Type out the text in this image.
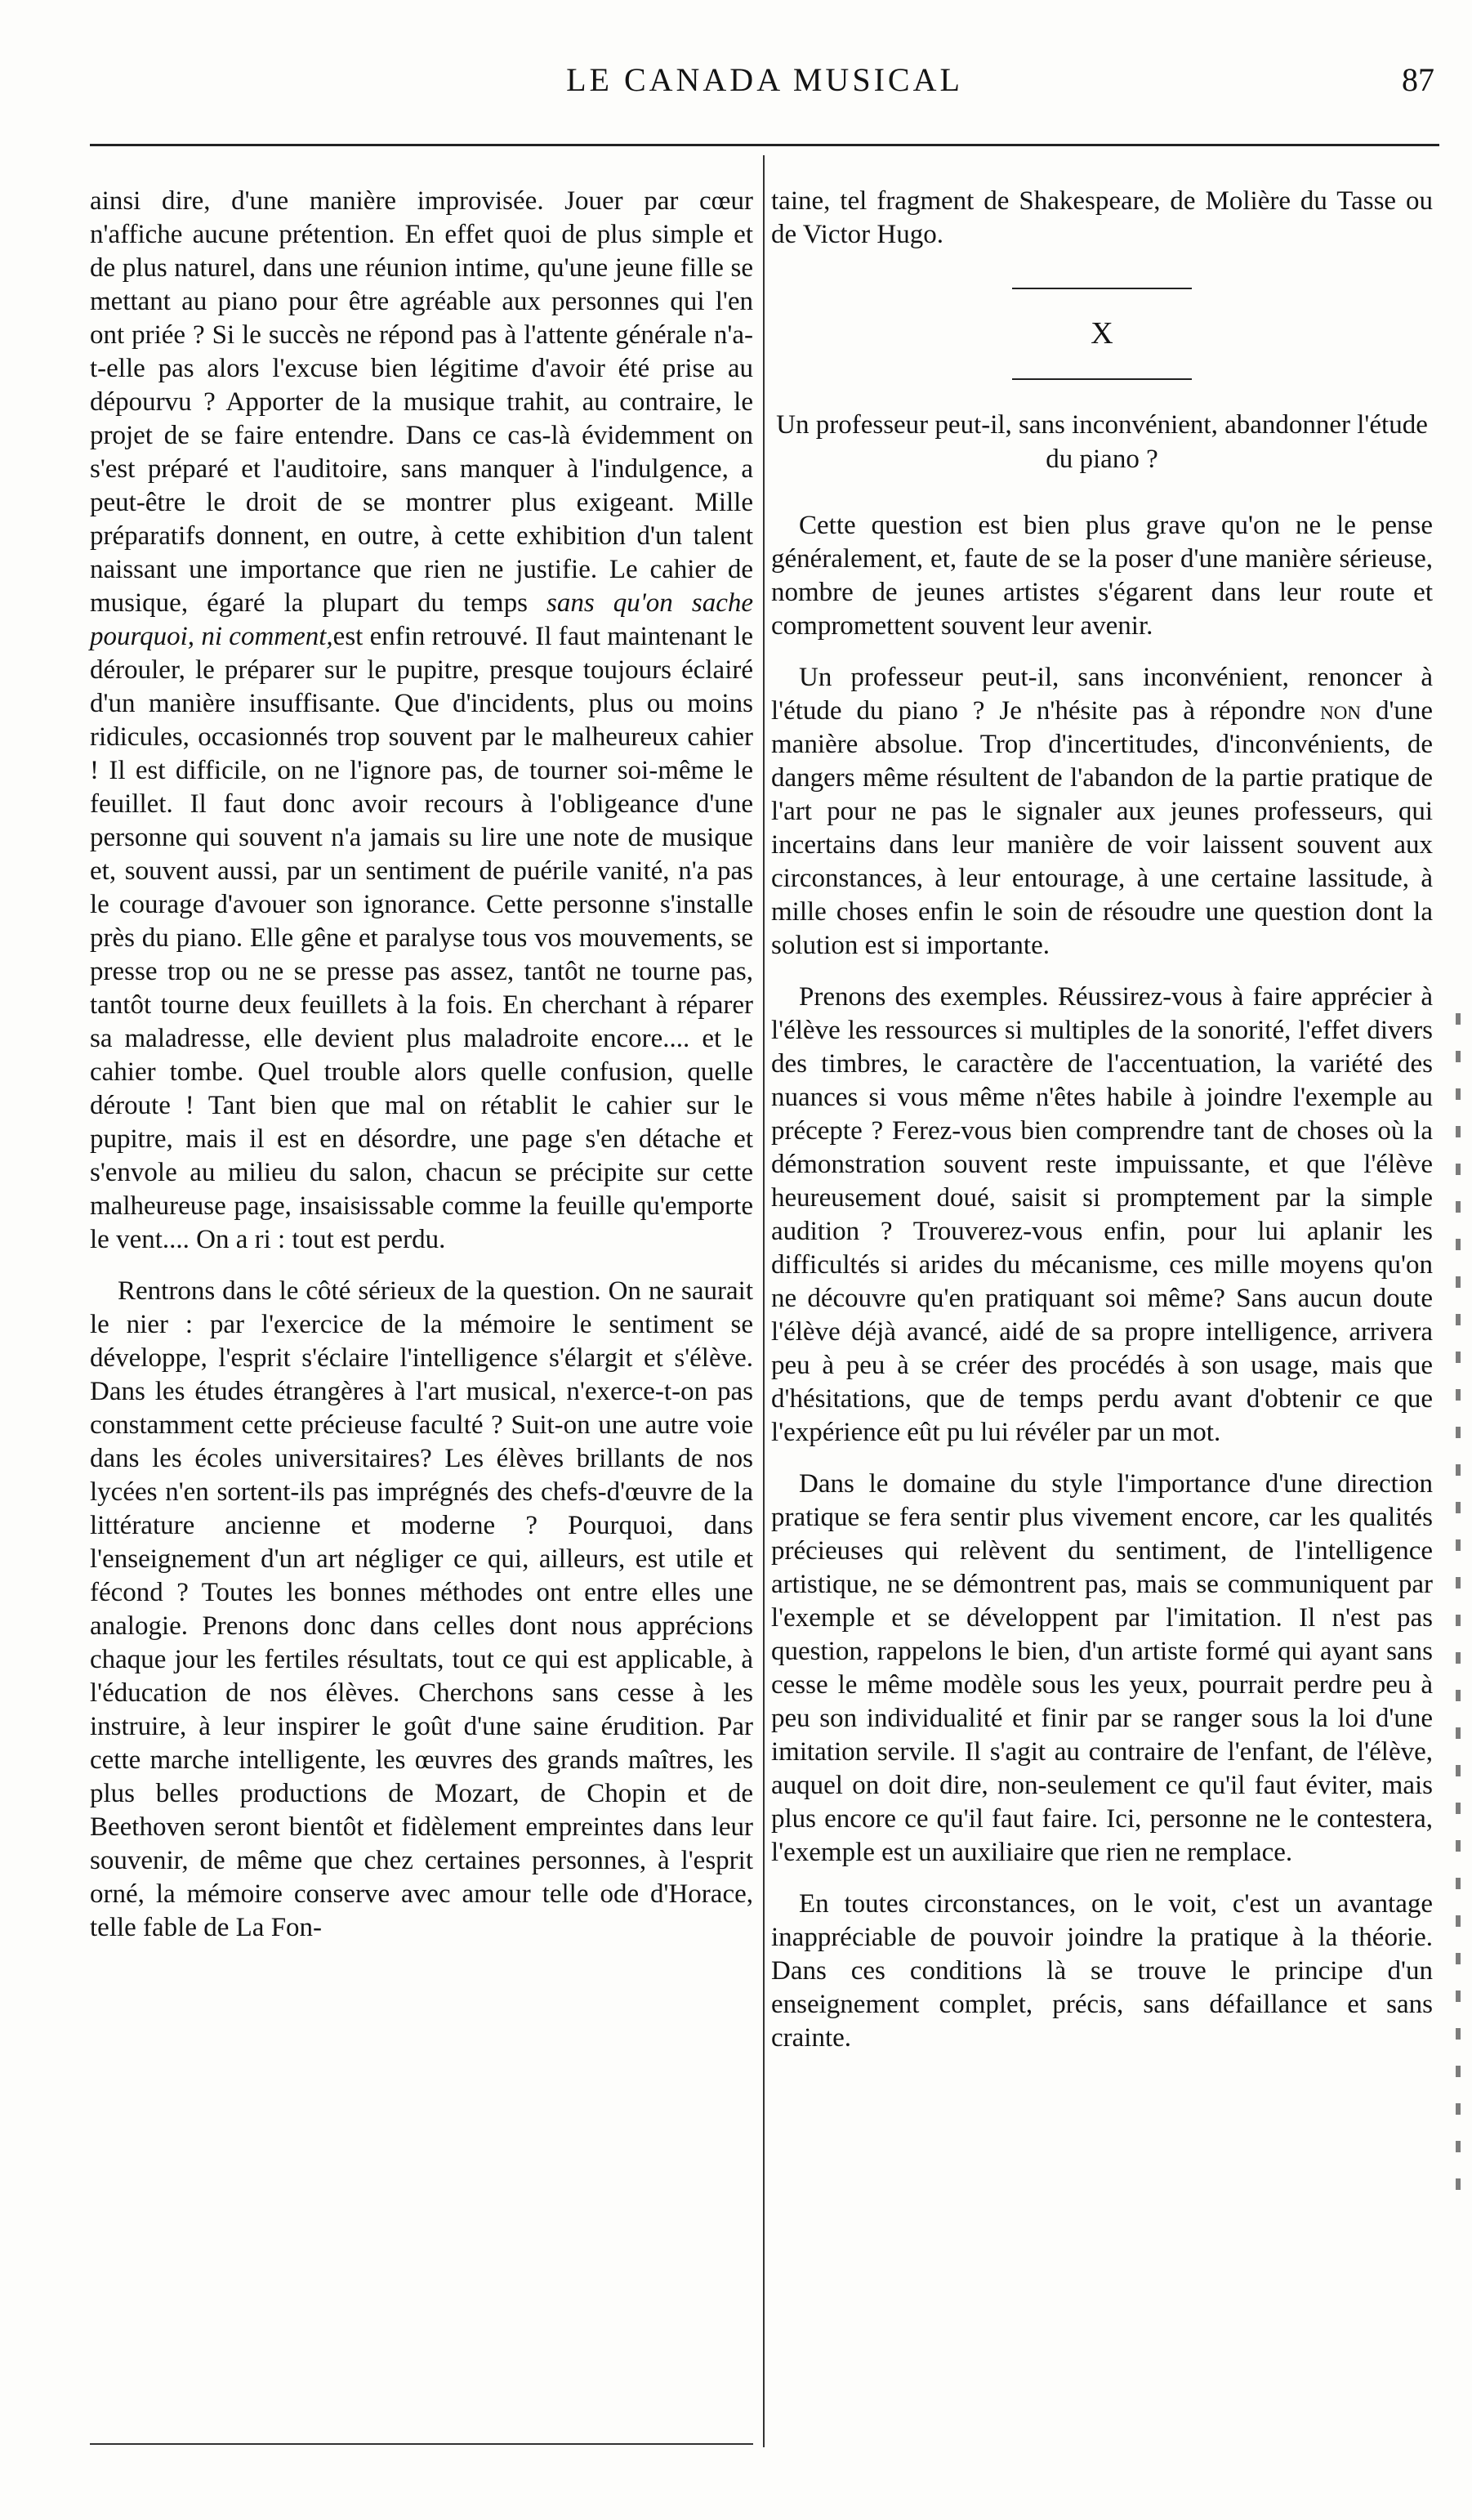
LE CANADA MUSICAL	87

ainsi dire, d'une manière improvisée. Jouer par cœur n'affiche aucune prétention. En effet quoi de plus simple et de plus naturel, dans une réunion intime, qu'une jeune fille se mettant au piano pour être agréable aux personnes qui l'en ont priée ? Si le succès ne répond pas à l'attente générale n'a-t-elle pas alors l'excuse bien légitime d'avoir été prise au dépourvu ? Apporter de la musique trahit, au contraire, le projet de se faire entendre. Dans ce cas-là évidemment on s'est préparé et l'auditoire, sans manquer à l'indulgence, a peut-être le droit de se montrer plus exigeant. Mille préparatifs donnent, en outre, à cette exhibition d'un talent naissant une importance que rien ne justifie. Le cahier de musique, égaré la plupart du temps sans qu'on sache pourquoi, ni comment,est enfin retrouvé. Il faut maintenant le dérouler, le préparer sur le pupitre, presque toujours éclairé d'un manière insuffisante. Que d'incidents, plus ou moins ridicules, occasionnés trop souvent par le malheureux cahier ! Il est difficile, on ne l'ignore pas, de tourner soi-même le feuillet. Il faut donc avoir recours à l'obligeance d'une personne qui souvent n'a jamais su lire une note de musique et, souvent aussi, par un sentiment de puérile vanité, n'a pas le courage d'avouer son ignorance. Cette personne s'installe près du piano. Elle gêne et paralyse tous vos mouvements, se presse trop ou ne se presse pas assez, tantôt ne tourne pas, tantôt tourne deux feuillets à la fois. En cherchant à réparer sa maladresse, elle devient plus maladroite encore.... et le cahier tombe. Quel trouble alors quelle confusion, quelle déroute ! Tant bien que mal on rétablit le cahier sur le pupitre, mais il est en désordre, une page s'en détache et s'envole au milieu du salon, chacun se précipite sur cette malheureuse page, insaisissable comme la feuille qu'emporte le vent.... On a ri : tout est perdu.

Rentrons dans le côté sérieux de la question. On ne saurait le nier : par l'exercice de la mémoire le sentiment se développe, l'esprit s'éclaire l'intelligence s'élargit et s'élève. Dans les études étrangères à l'art musical, n'exerce-t-on pas constamment cette précieuse faculté ? Suit-on une autre voie dans les écoles universitaires? Les élèves brillants de nos lycées n'en sortent-ils pas imprégnés des chefs-d'œuvre de la littérature ancienne et moderne ? Pourquoi, dans l'enseignement d'un art négliger ce qui, ailleurs, est utile et fécond ? Toutes les bonnes méthodes ont entre elles une analogie. Prenons donc dans celles dont nous apprécions chaque jour les fertiles résultats, tout ce qui est applicable, à l'éducation de nos élèves. Cherchons sans cesse à les instruire, à leur inspirer le goût d'une saine érudition. Par cette marche intelligente, les œuvres des grands maîtres, les plus belles productions de Mozart, de Chopin et de Beethoven seront bientôt et fidèlement empreintes dans leur souvenir, de même que chez certaines personnes, à l'esprit orné, la mémoire conserve avec amour telle ode d'Horace, telle fable de La Fon-

taine, tel fragment de Shakespeare, de Molière du Tasse ou de Victor Hugo.

X
Un professeur peut-il, sans inconvénient, abandonner l'étude du piano ?

Cette question est bien plus grave qu'on ne le pense généralement, et, faute de se la poser d'une manière sérieuse, nombre de jeunes artistes s'égarent dans leur route et compromettent souvent leur avenir.

Un professeur peut-il, sans inconvénient, renoncer à l'étude du piano ? Je n'hésite pas à répondre non d'une manière absolue. Trop d'incertitudes, d'inconvénients, de dangers même résultent de l'abandon de la partie pratique de l'art pour ne pas le signaler aux jeunes professeurs, qui incertains dans leur manière de voir laissent souvent aux circonstances, à leur entourage, à une certaine lassitude, à mille choses enfin le soin de résoudre une question dont la solution est si importante.

Prenons des exemples. Réussirez-vous à faire apprécier à l'élève les ressources si multiples de la sonorité, l'effet divers des timbres, le caractère de l'accentuation, la variété des nuances si vous même n'êtes habile à joindre l'exemple au précepte ? Ferez-vous bien comprendre tant de choses où la démonstration souvent reste impuissante, et que l'élève heureusement doué, saisit si promptement par la simple audition ? Trouverez-vous enfin, pour lui aplanir les difficultés si arides du mécanisme, ces mille moyens qu'on ne découvre qu'en pratiquant soi même? Sans aucun doute l'élève déjà avancé, aidé de sa propre intelligence, arrivera peu à peu à se créer des procédés à son usage, mais que d'hésitations, que de temps perdu avant d'obtenir ce que l'expérience eût pu lui révéler par un mot.

Dans le domaine du style l'importance d'une direction pratique se fera sentir plus vivement encore, car les qualités précieuses qui relèvent du sentiment, de l'intelligence artistique, ne se démontrent pas, mais se communiquent par l'exemple et se développent par l'imitation. Il n'est pas question, rappelons le bien, d'un artiste formé qui ayant sans cesse le même modèle sous les yeux, pourrait perdre peu à peu son individualité et finir par se ranger sous la loi d'une imitation servile. Il s'agit au contraire de l'enfant, de l'élève, auquel on doit dire, non-seulement ce qu'il faut éviter, mais plus encore ce qu'il faut faire. Ici, personne ne le contestera, l'exemple est un auxiliaire que rien ne remplace.

En toutes circonstances, on le voit, c'est un avantage inappréciable de pouvoir joindre la pratique à la théorie. Dans ces conditions là se trouve le principe d'un enseignement complet, précis, sans défaillance et sans crainte.
